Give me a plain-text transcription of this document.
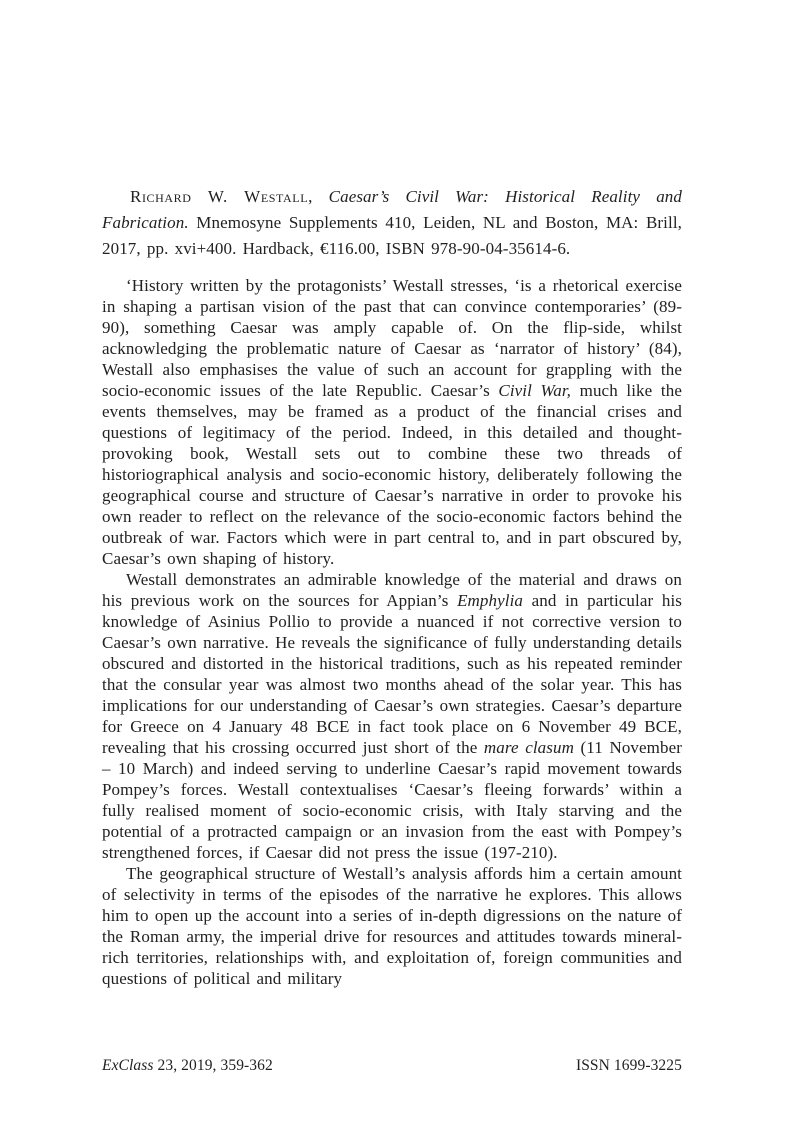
Richard W. Westall, Caesar’s Civil War: Historical Reality and Fabrication. Mnemosyne Supplements 410, Leiden, NL and Boston, MA: Brill, 2017, pp. xvi+400. Hardback, €116.00, ISBN 978-90-04-35614-6.

‘History written by the protagonists’ Westall stresses, ‘is a rhetorical exercise in shaping a partisan vision of the past that can convince contemporaries’ (89-90), something Caesar was amply capable of. On the flip-side, whilst acknowledging the problematic nature of Caesar as ‘narrator of history’ (84), Westall also emphasises the value of such an account for grappling with the socio-economic issues of the late Republic. Caesar’s Civil War, much like the events themselves, may be framed as a product of the financial crises and questions of legitimacy of the period. Indeed, in this detailed and thought-provoking book, Westall sets out to combine these two threads of historiographical analysis and socio-economic history, deliberately following the geographical course and structure of Caesar’s narrative in order to provoke his own reader to reflect on the relevance of the socio-economic factors behind the outbreak of war. Factors which were in part central to, and in part obscured by, Caesar’s own shaping of history.

Westall demonstrates an admirable knowledge of the material and draws on his previous work on the sources for Appian’s Emphylia and in particular his knowledge of Asinius Pollio to provide a nuanced if not corrective version to Caesar’s own narrative. He reveals the significance of fully understanding details obscured and distorted in the historical traditions, such as his repeated reminder that the consular year was almost two months ahead of the solar year. This has implications for our understanding of Caesar’s own strategies. Caesar’s departure for Greece on 4 January 48 BCE in fact took place on 6 November 49 BCE, revealing that his crossing occurred just short of the mare clasum (11 November – 10 March) and indeed serving to underline Caesar’s rapid movement towards Pompey’s forces. Westall contextualises ‘Caesar’s fleeing forwards’ within a fully realised moment of socio-economic crisis, with Italy starving and the potential of a protracted campaign or an invasion from the east with Pompey’s strengthened forces, if Caesar did not press the issue (197-210).

The geographical structure of Westall’s analysis affords him a certain amount of selectivity in terms of the episodes of the narrative he explores. This allows him to open up the account into a series of in-depth digressions on the nature of the Roman army, the imperial drive for resources and attitudes towards mineral-rich territories, relationships with, and exploitation of, foreign communities and questions of political and military

ExClass 23, 2019, 359-362	ISSN 1699-3225
